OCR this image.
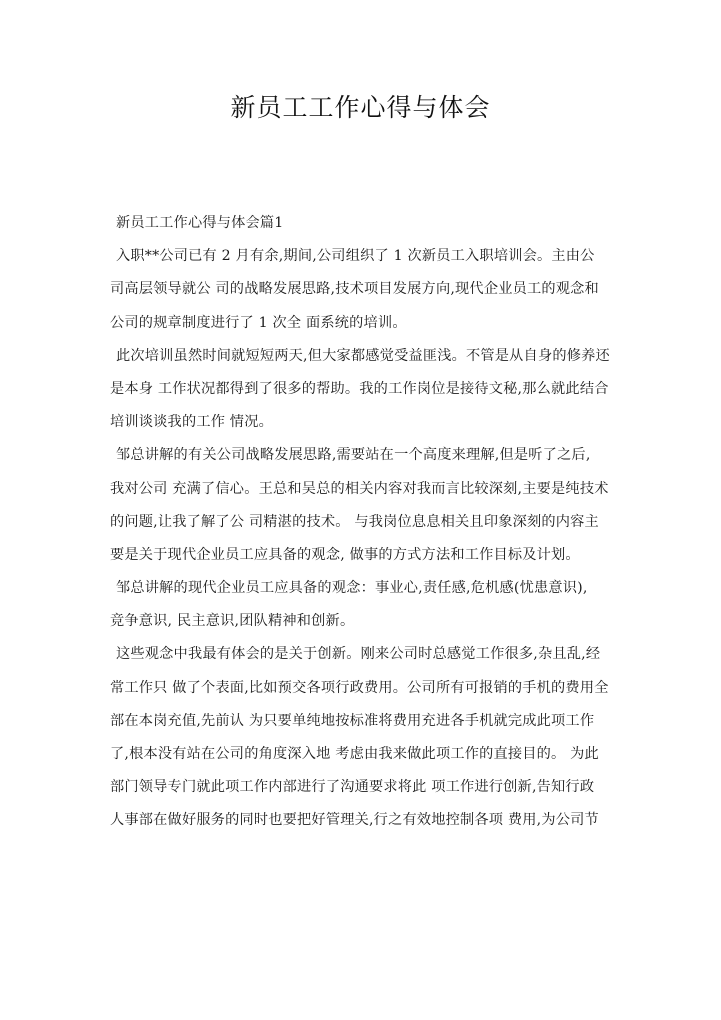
新员工工作心得与体会
新员工工作心得与体会篇1
入职**公司已有 2 月有余,期间,公司组织了 1 次新员工入职培训会。主由公
司高层领导就公 司的战略发展思路,技术项目发展方向,现代企业员工的观念和
公司的规章制度进行了 1 次全 面系统的培训。
此次培训虽然时间就短短两天,但大家都感觉受益匪浅。不管是从自身的修养还
是本身 工作状况都得到了很多的帮助。我的工作岗位是接待文秘,那么就此结合
培训谈谈我的工作 情况。
邹总讲解的有关公司战略发展思路,需要站在一个高度来理解,但是听了之后,
我对公司 充满了信心。王总和吴总的相关内容对我而言比较深刻,主要是纯技术
的问题,让我了解了公 司精湛的技术。 与我岗位息息相关且印象深刻的内容主
要是关于现代企业员工应具备的观念, 做事的方式方法和工作目标及计划。
邹总讲解的现代企业员工应具备的观念：事业心,责任感,危机感(忧患意识),
竞争意识, 民主意识,团队精神和创新。
这些观念中我最有体会的是关于创新。刚来公司时总感觉工作很多,杂且乱,经
常工作只 做了个表面,比如预交各项行政费用。公司所有可报销的手机的费用全
部在本岗充值,先前认 为只要单纯地按标准将费用充进各手机就完成此项工作
了,根本没有站在公司的角度深入地 考虑由我来做此项工作的直接目的。 为此
部门领导专门就此项工作内部进行了沟通要求将此 项工作进行创新,告知行政
人事部在做好服务的同时也要把好管理关,行之有效地控制各项 费用,为公司节
